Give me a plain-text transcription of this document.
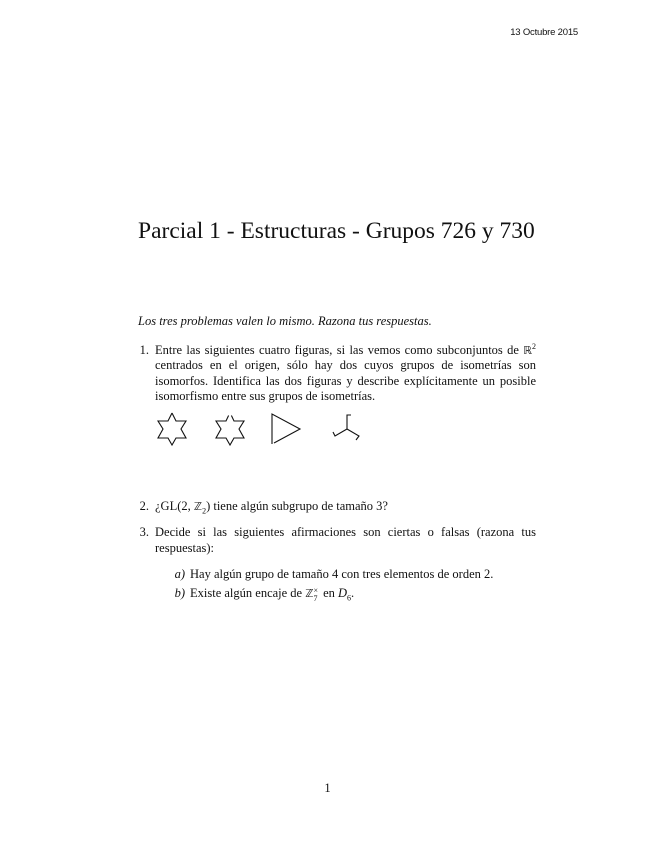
13 Octubre 2015
Parcial 1 - Estructuras - Grupos 726 y 730
Los tres problemas valen lo mismo. Razona tus respuestas.
1. Entre las siguientes cuatro figuras, si las vemos como subconjuntos de ℝ$^2$ centrados en el origen, sólo hay dos cuyos grupos de isometrías son isomorfos. Identifica las dos figuras y describe explícitamente un posible isomorfismo entre sus grupos de isometrías.
2. ¿GL(2, ℤ$_2$) tiene algún subgrupo de tamaño 3?
3. Decide si las siguientes afirmaciones son ciertas o falsas (razona tus respuestas):
a) Hay algún grupo de tamaño 4 con tres elementos de orden 2.
b) Existe algún encaje de ℤ ×
7 en $D_6$.
1
